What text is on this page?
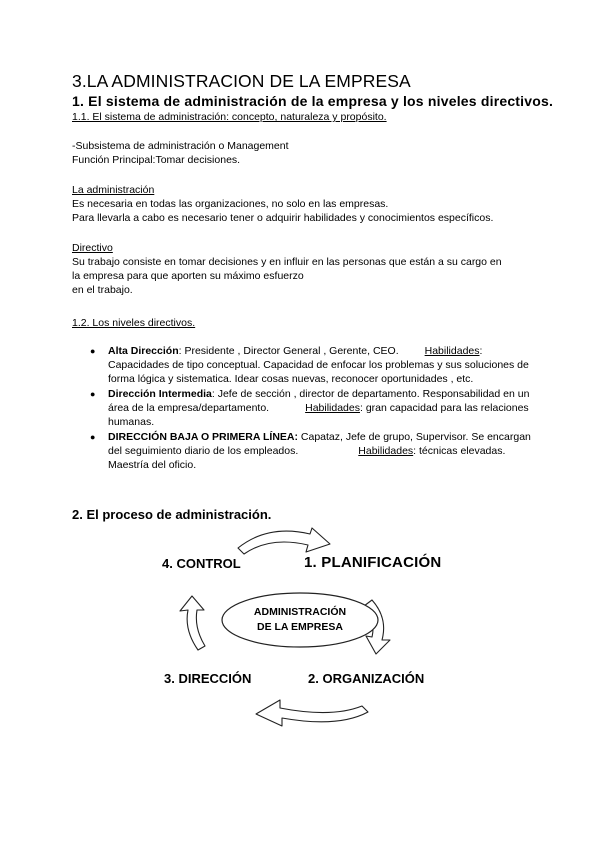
3.LA ADMINISTRACION DE LA EMPRESA
1. El sistema de administración de la empresa y los niveles directivos.
1.1. El sistema de administración: concepto, naturaleza y propósito.
-Subsistema de administración o Management
Función Principal:Tomar decisiones.
La administración
Es necesaria en todas las organizaciones, no solo en las empresas.
Para llevarla a cabo es necesario tener o adquirir habilidades y conocimientos específicos.
Directivo
Su trabajo consiste en tomar decisiones y en influir en las personas que están a su cargo en
la empresa para que aporten su máximo esfuerzo
en el trabajo.
1.2. Los niveles directivos.
● Alta Dirección: Presidente , Director General , Gerente, CEO. Habilidades: Capacidades de tipo conceptual. Capacidad de enfocar los problemas y sus soluciones de forma lógica y sistematica. Idear cosas nuevas, reconocer oportunidades , etc.
● Dirección Intermedia: Jefe de sección , director de departamento. Responsabilidad en un área de la empresa/departamento.	Habilidades: gran capacidad para las relaciones humanas.
● DIRECCIÓN BAJA O PRIMERA LÍNEA: Capataz, Jefe de grupo, Supervisor. Se encargan del seguimiento diario de los empleados.	Habilidades: técnicas elevadas. Maestría del oficio.
2. El proceso de administración.
4. CONTROL	1. PLANIFICACIÓN
ADMINISTRACIÓN
DE LA EMPRESA
3. DIRECCIÓN	2. ORGANIZACIÓN
